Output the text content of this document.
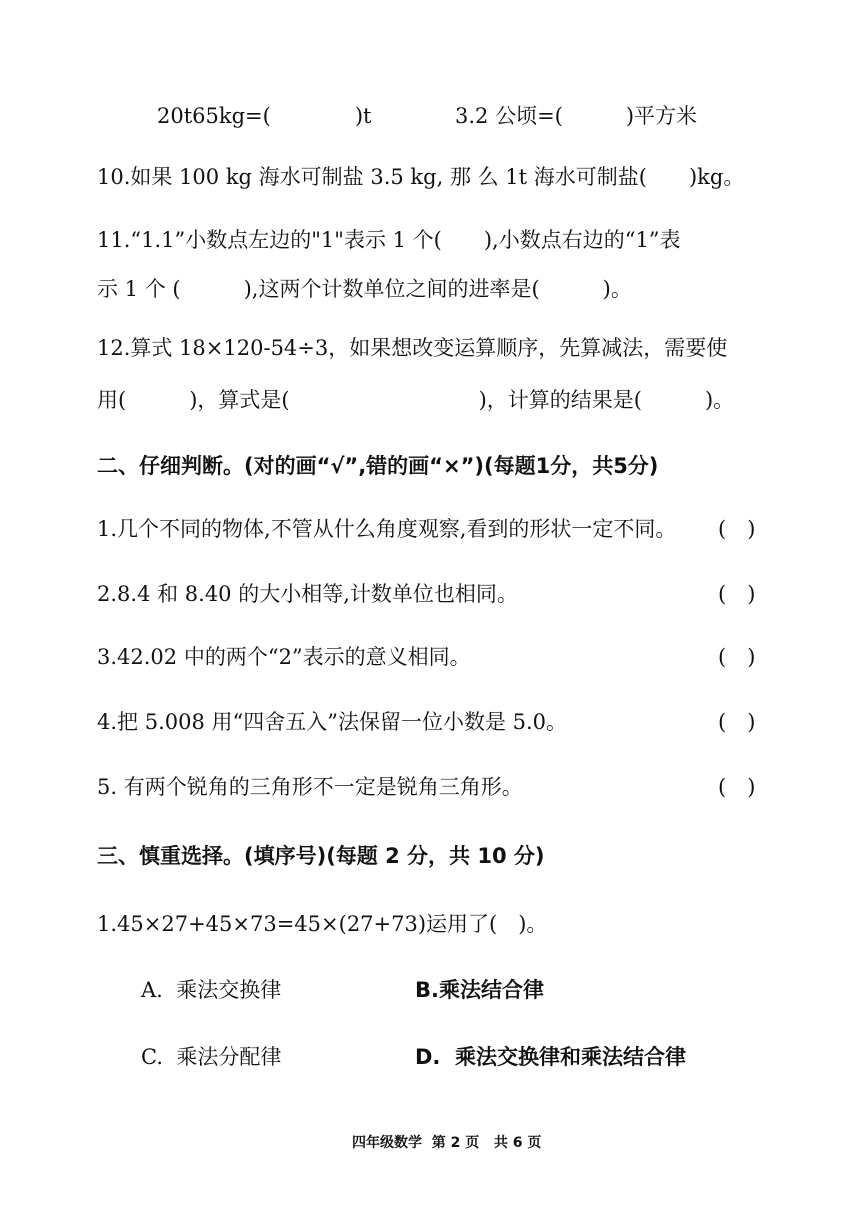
20t65kg=(　　　　)t	3.2 公顷=(　　　)平方米
10.如果 100 kg 海水可制盐 3.5 kg, 那 么 1t 海水可制盐(　　)kg。
11.“1.1”小数点左边的"1"表示 1 个(　　),小数点右边的“1”表
示 1 个 (　　　),这两个计数单位之间的进率是(　　　)。
12.算式 18×120-54÷3，如果想改变运算顺序，先算减法，需要使
用(　　　)，算式是(　　　　　　　　　)，计算的结果是(　　　)。
二、仔细判断。(对的画“√”,错的画“×”)(每题1分，共5分)
1.几个不同的物体,不管从什么角度观察,看到的形状一定不同。 (　)
2.8.4 和 8.40 的大小相等,计数单位也相同。	(　)
3.42.02 中的两个“2”表示的意义相同。	(　)
4.把 5.008 用“四舍五入”法保留一位小数是 5.0。	(　)
5. 有两个锐角的三角形不一定是锐角三角形。	(　)
三、慎重选择。(填序号)(每题 2 分，共 10 分)
1.45×27+45×73=45×(27+73)运用了(　)。
A.  乘法交换律	B.乘法结合律
C.  乘法分配律	D.  乘法交换律和乘法结合律
四年级数学  第 2 页   共 6 页
